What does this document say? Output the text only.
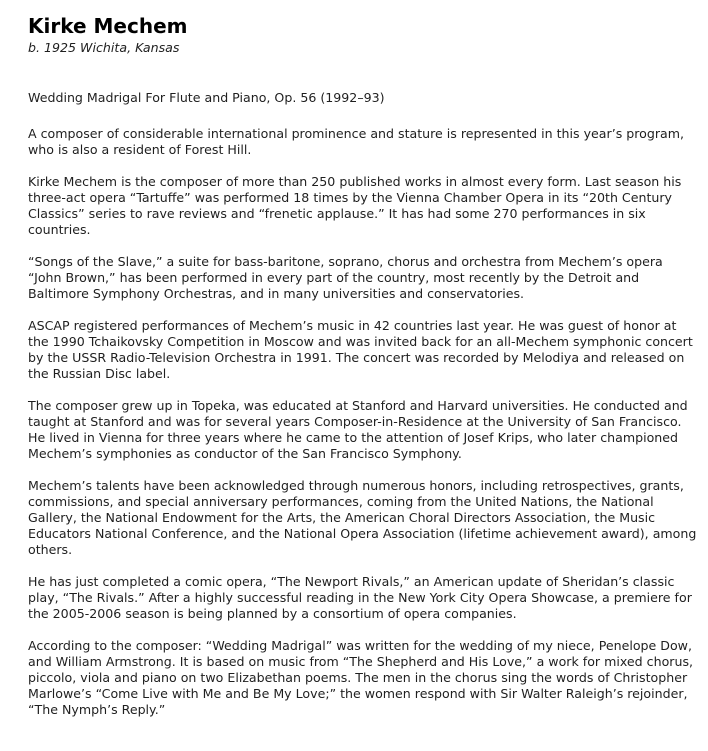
Kirke Mechem

b. 1925 Wichita, Kansas

Wedding Madrigal For Flute and Piano, Op. 56 (1992–93)

A composer of considerable international prominence and stature is represented in this year’s program, who is also a resident of Forest Hill.

Kirke Mechem is the composer of more than 250 published works in almost every form. Last season his three-act opera “Tartuffe” was performed 18 times by the Vienna Chamber Opera in its “20th Century Classics” series to rave reviews and “frenetic applause.” It has had some 270 performances in six countries.

“Songs of the Slave,” a suite for bass-baritone, soprano, chorus and orchestra from Mechem’s opera “John Brown,” has been performed in every part of the country, most recently by the Detroit and Baltimore Symphony Orchestras, and in many universities and conservatories.

ASCAP registered performances of Mechem’s music in 42 countries last year. He was guest of honor at the 1990 Tchaikovsky Competition in Moscow and was invited back for an all-Mechem symphonic concert by the USSR Radio-Television Orchestra in 1991. The concert was recorded by Melodiya and released on the Russian Disc label.

The composer grew up in Topeka, was educated at Stanford and Harvard universities. He conducted and taught at Stanford and was for several years Composer-in-Residence at the University of San Francisco. He lived in Vienna for three years where he came to the attention of Josef Krips, who later championed Mechem’s symphonies as conductor of the San Francisco Symphony.

Mechem’s talents have been acknowledged through numerous honors, including retrospectives, grants, commissions, and special anniversary performances, coming from the United Nations, the National Gallery, the National Endowment for the Arts, the American Choral Directors Association, the Music Educators National Conference, and the National Opera Association (lifetime achievement award), among others.

He has just completed a comic opera, “The Newport Rivals,” an American update of Sheridan’s classic play, “The Rivals.” After a highly successful reading in the New York City Opera Showcase, a premiere for the 2005-2006 season is being planned by a consortium of opera companies.

According to the composer: “Wedding Madrigal” was written for the wedding of my niece, Penelope Dow, and William Armstrong. It is based on music from “The Shepherd and His Love,” a work for mixed chorus, piccolo, viola and piano on two Elizabethan poems. The men in the chorus sing the words of Christopher Marlowe’s “Come Live with Me and Be My Love;” the women respond with Sir Walter Raleigh’s rejoinder, “The Nymph’s Reply.”
